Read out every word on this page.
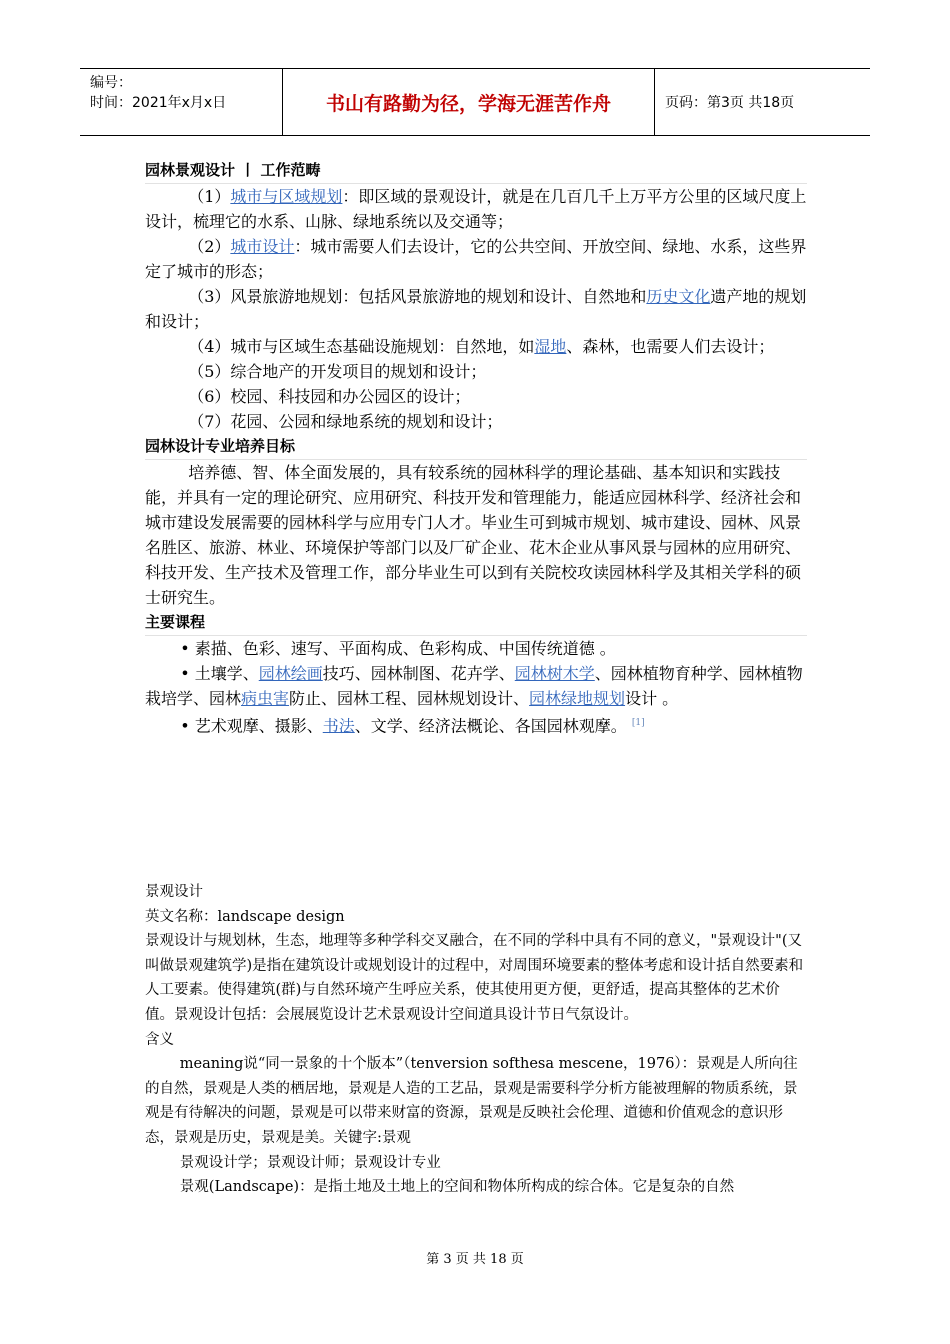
编号：
时间：2021年x月x日	书山有路勤为径，学海无涯苦作舟	页码：第3页 共18页
园林景观设计 丨 工作范畴

（1）城市与区域规划：即区域的景观设计，就是在几百几千上万平方公里的区域尺度上设计，梳理它的水系、山脉、绿地系统以及交通等；

（2）城市设计：城市需要人们去设计，它的公共空间、开放空间、绿地、水系，这些界定了城市的形态；

（3）风景旅游地规划：包括风景旅游地的规划和设计、自然地和历史文化遗产地的规划和设计；

（4）城市与区域生态基础设施规划：自然地，如湿地、森林，也需要人们去设计；

（5）综合地产的开发项目的规划和设计；

（6）校园、科技园和办公园区的设计；

（7）花园、公园和绿地系统的规划和设计；

园林设计专业培养目标

培养德、智、体全面发展的，具有较系统的园林科学的理论基础、基本知识和实践技能，并具有一定的理论研究、应用研究、科技开发和管理能力，能适应园林科学、经济社会和城市建设发展需要的园林科学与应用专门人才。毕业生可到城市规划、城市建设、园林、风景名胜区、旅游、林业、环境保护等部门以及厂矿企业、花木企业从事风景与园林的应用研究、科技开发、生产技术及管理工作，部分毕业生可以到有关院校攻读园林科学及其相关学科的硕士研究生。

主要课程

• 素描、色彩、速写、平面构成、色彩构成、中国传统道德 。

• 土壤学、园林绘画技巧、园林制图、花卉学、园林树木学、园林植物育种学、园林植物栽培学、园林病虫害防止、园林工程、园林规划设计、园林绿地规划设计 。

• 艺术观摩、摄影、书法、文学、经济法概论、各国园林观摩。 [1]

景观设计

英文名称：landscape design

景观设计与规划林，生态，地理等多种学科交叉融合，在不同的学科中具有不同的意义，"景观设计"(又叫做景观建筑学)是指在建筑设计或规划设计的过程中，对周围环境要素的整体考虑和设计括自然要素和人工要素。使得建筑(群)与自然环境产生呼应关系，使其使用更方便，更舒适，提高其整体的艺术价值。景观设计包括：会展展览设计艺术景观设计空间道具设计节日气氛设计。

含义

meaning说“同一景象的十个版本”（tenversion softhesa mescene，1976）：景观是人所向往的自然，景观是人类的栖居地，景观是人造的工艺品，景观是需要科学分析方能被理解的物质系统，景观是有待解决的问题，景观是可以带来财富的资源，景观是反映社会伦理、道德和价值观念的意识形态，景观是历史，景观是美。关键字:景观

景观设计学；景观设计师；景观设计专业

景观(Landscape)：是指土地及土地上的空间和物体所构成的综合体。它是复杂的自然

第 3 页 共 18 页
